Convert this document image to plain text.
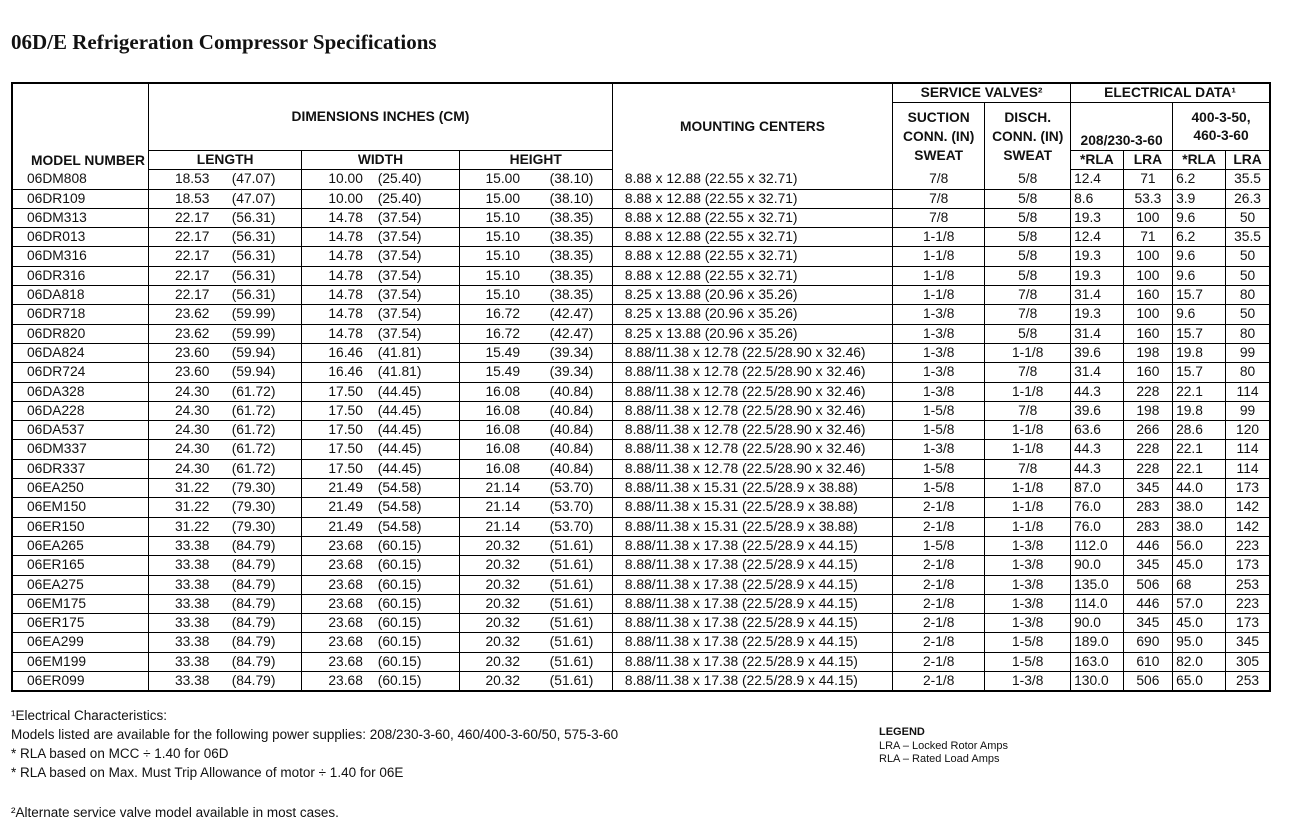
06D/E Refrigeration Compressor Specifications
MODEL NUMBER	DIMENSIONS INCHES (CM)						MOUNTING CENTERS	SERVICE VALVES²		ELECTRICAL DATA¹			
								SUCTION CONN. (IN) SWEAT	DISCH. CONN. (IN) SWEAT	208/230-3-60		400-3-50, 460-3-60	
	LENGTH		WIDTH		HEIGHT					*RLA	LRA	*RLA	LRA
06DM808	18.53	(47.07)	10.00	(25.40)	15.00	(38.10)	8.88 x 12.88 (22.55 x 32.71)	7/8	5/8	12.4	71	6.2	35.5
06DR109	18.53	(47.07)	10.00	(25.40)	15.00	(38.10)	8.88 x 12.88 (22.55 x 32.71)	7/8	5/8	8.6	53.3	3.9	26.3
06DM313	22.17	(56.31)	14.78	(37.54)	15.10	(38.35)	8.88 x 12.88 (22.55 x 32.71)	7/8	5/8	19.3	100	9.6	50
06DR013	22.17	(56.31)	14.78	(37.54)	15.10	(38.35)	8.88 x 12.88 (22.55 x 32.71)	1-1/8	5/8	12.4	71	6.2	35.5
06DM316	22.17	(56.31)	14.78	(37.54)	15.10	(38.35)	8.88 x 12.88 (22.55 x 32.71)	1-1/8	5/8	19.3	100	9.6	50
06DR316	22.17	(56.31)	14.78	(37.54)	15.10	(38.35)	8.88 x 12.88 (22.55 x 32.71)	1-1/8	5/8	19.3	100	9.6	50
06DA818	22.17	(56.31)	14.78	(37.54)	15.10	(38.35)	8.25 x 13.88 (20.96 x 35.26)	1-1/8	7/8	31.4	160	15.7	80
06DR718	23.62	(59.99)	14.78	(37.54)	16.72	(42.47)	8.25 x 13.88 (20.96 x 35.26)	1-3/8	7/8	19.3	100	9.6	50
06DR820	23.62	(59.99)	14.78	(37.54)	16.72	(42.47)	8.25 x 13.88 (20.96 x 35.26)	1-3/8	5/8	31.4	160	15.7	80
06DA824	23.60	(59.94)	16.46	(41.81)	15.49	(39.34)	8.88/11.38 x 12.78 (22.5/28.90 x 32.46)	1-3/8	1-1/8	39.6	198	19.8	99
06DR724	23.60	(59.94)	16.46	(41.81)	15.49	(39.34)	8.88/11.38 x 12.78 (22.5/28.90 x 32.46)	1-3/8	7/8	31.4	160	15.7	80
06DA328	24.30	(61.72)	17.50	(44.45)	16.08	(40.84)	8.88/11.38 x 12.78 (22.5/28.90 x 32.46)	1-3/8	1-1/8	44.3	228	22.1	114
06DA228	24.30	(61.72)	17.50	(44.45)	16.08	(40.84)	8.88/11.38 x 12.78 (22.5/28.90 x 32.46)	1-5/8	7/8	39.6	198	19.8	99
06DA537	24.30	(61.72)	17.50	(44.45)	16.08	(40.84)	8.88/11.38 x 12.78 (22.5/28.90 x 32.46)	1-5/8	1-1/8	63.6	266	28.6	120
06DM337	24.30	(61.72)	17.50	(44.45)	16.08	(40.84)	8.88/11.38 x 12.78 (22.5/28.90 x 32.46)	1-3/8	1-1/8	44.3	228	22.1	114
06DR337	24.30	(61.72)	17.50	(44.45)	16.08	(40.84)	8.88/11.38 x 12.78 (22.5/28.90 x 32.46)	1-5/8	7/8	44.3	228	22.1	114
06EA250	31.22	(79.30)	21.49	(54.58)	21.14	(53.70)	8.88/11.38 x 15.31 (22.5/28.9 x 38.88)	1-5/8	1-1/8	87.0	345	44.0	173
06EM150	31.22	(79.30)	21.49	(54.58)	21.14	(53.70)	8.88/11.38 x 15.31 (22.5/28.9 x 38.88)	2-1/8	1-1/8	76.0	283	38.0	142
06ER150	31.22	(79.30)	21.49	(54.58)	21.14	(53.70)	8.88/11.38 x 15.31 (22.5/28.9 x 38.88)	2-1/8	1-1/8	76.0	283	38.0	142
06EA265	33.38	(84.79)	23.68	(60.15)	20.32	(51.61)	8.88/11.38 x 17.38 (22.5/28.9 x 44.15)	1-5/8	1-3/8	112.0	446	56.0	223
06ER165	33.38	(84.79)	23.68	(60.15)	20.32	(51.61)	8.88/11.38 x 17.38 (22.5/28.9 x 44.15)	2-1/8	1-3/8	90.0	345	45.0	173
06EA275	33.38	(84.79)	23.68	(60.15)	20.32	(51.61)	8.88/11.38 x 17.38 (22.5/28.9 x 44.15)	2-1/8	1-3/8	135.0	506	68	253
06EM175	33.38	(84.79)	23.68	(60.15)	20.32	(51.61)	8.88/11.38 x 17.38 (22.5/28.9 x 44.15)	2-1/8	1-3/8	114.0	446	57.0	223
06ER175	33.38	(84.79)	23.68	(60.15)	20.32	(51.61)	8.88/11.38 x 17.38 (22.5/28.9 x 44.15)	2-1/8	1-3/8	90.0	345	45.0	173
06EA299	33.38	(84.79)	23.68	(60.15)	20.32	(51.61)	8.88/11.38 x 17.38 (22.5/28.9 x 44.15)	2-1/8	1-5/8	189.0	690	95.0	345
06EM199	33.38	(84.79)	23.68	(60.15)	20.32	(51.61)	8.88/11.38 x 17.38 (22.5/28.9 x 44.15)	2-1/8	1-5/8	163.0	610	82.0	305
06ER099	33.38	(84.79)	23.68	(60.15)	20.32	(51.61)	8.88/11.38 x 17.38 (22.5/28.9 x 44.15)	2-1/8	1-3/8	130.0	506	65.0	253
¹Electrical Characteristics:
Models listed are available for the following power supplies: 208/230-3-60, 460/400-3-60/50, 575-3-60
* RLA based on MCC ÷ 1.40 for 06D
* RLA based on Max. Must Trip Allowance of motor ÷ 1.40 for 06E
²Alternate service valve model available in most cases.
LEGEND
LRA – Locked Rotor Amps
RLA – Rated Load Amps
